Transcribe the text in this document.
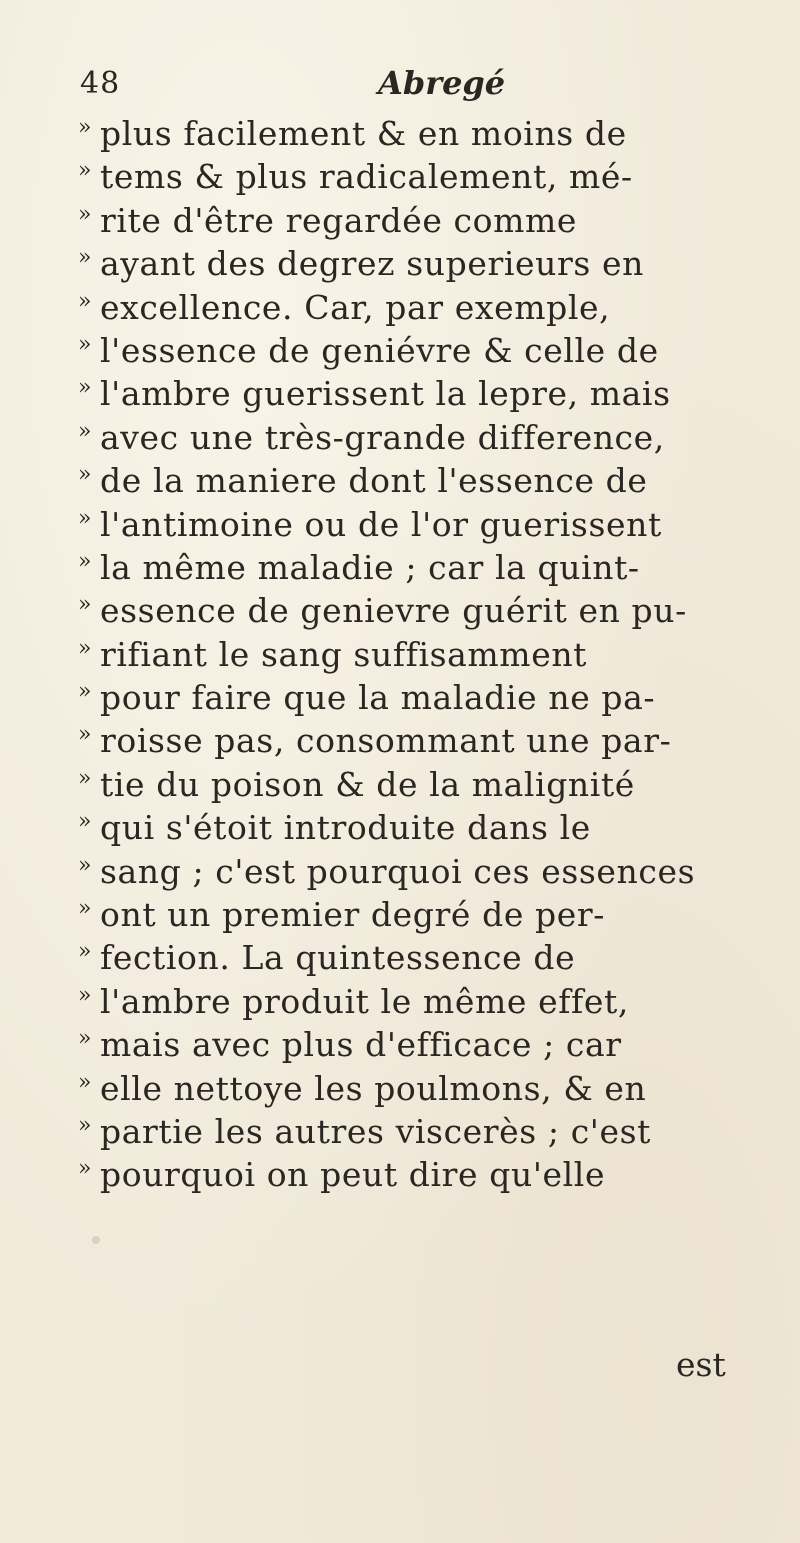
48	Abregé
» plus facilement & en moins de
» tems & plus radicalement, mé-
» rite d'être regardée comme
» ayant des degrez superieurs en
» excellence. Car, par exemple,
» l'essence de geniévre & celle de
» l'ambre guerissent la lepre, mais
» avec une très-grande difference,
» de la maniere dont l'essence de
» l'antimoine ou de l'or guerissent
» la même maladie ; car la quint-
» essence de genievre guérit en pu-
» rifiant le sang suffisamment
» pour faire que la maladie ne pa-
» roisse pas, consommant une par-
» tie du poison & de la malignité
» qui s'étoit introduite dans le
» sang ; c'est pourquoi ces essences
» ont un premier degré de per-
» fection. La quintessence de
» l'ambre produit le même effet,
» mais avec plus d'efficace ; car
» elle nettoye les poulmons, & en
» partie les autres viscerès ; c'est
» pourquoi on peut dire qu'elle
est
